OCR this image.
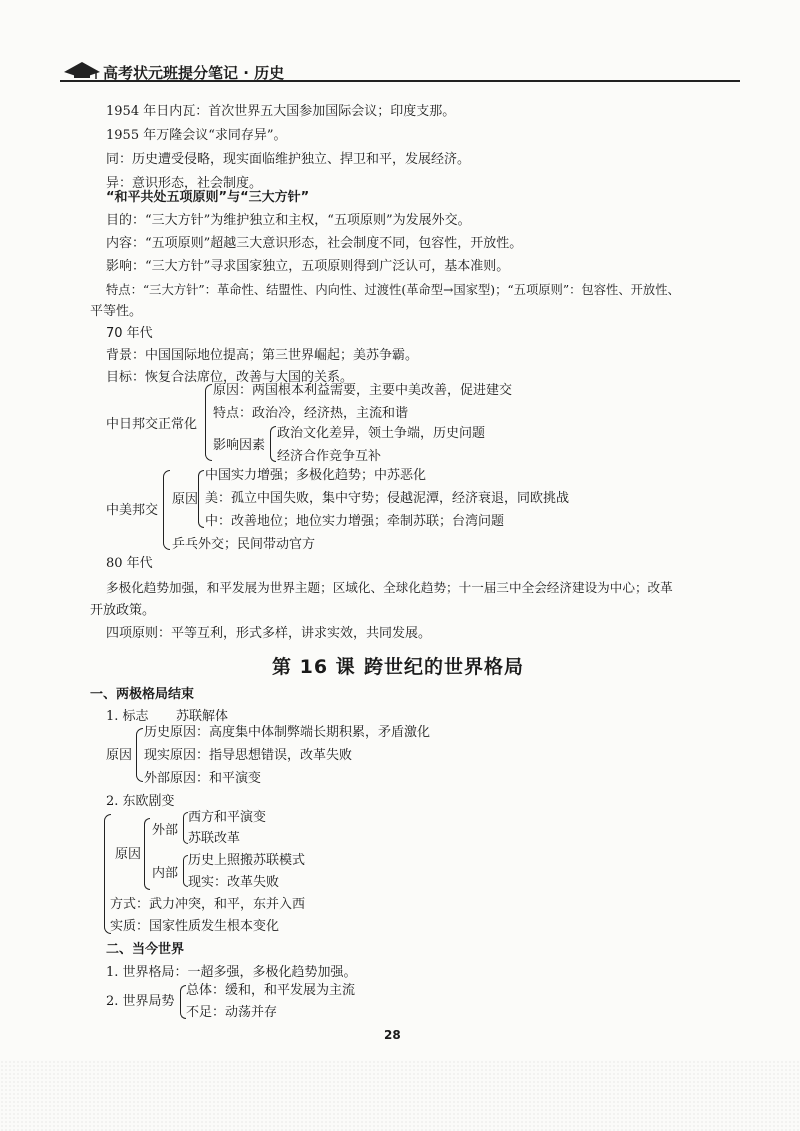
高考状元班提分笔记 · 历史
1954 年日内瓦：首次世界五大国参加国际会议；印度支那。
1955 年万隆会议“求同存异”。
同：历史遭受侵略，现实面临维护独立、捍卫和平，发展经济。
异：意识形态，社会制度。
“和平共处五项原则”与“三大方针”
目的：“三大方针”为维护独立和主权，“五项原则”为发展外交。
内容：“五项原则”超越三大意识形态，社会制度不同，包容性，开放性。
影响：“三大方针”寻求国家独立，五项原则得到广泛认可，基本准则。
特点：“三大方针”：革命性、结盟性、内向性、过渡性(革命型→国家型)；“五项原则”：包容性、开放性、
平等性。
70 年代
背景：中国国际地位提高；第三世界崛起；美苏争霸。
目标：恢复合法席位，改善与大国的关系。
中日邦交正常化
原因：两国根本利益需要，主要中美改善，促进建交
特点：政治冷，经济热，主流和谐
影响因素
政治文化差异，领土争端，历史问题
经济合作竞争互补
中美邦交
原因
中国实力增强；多极化趋势；中苏恶化
美：孤立中国失败，集中守势；侵越泥潭，经济衰退，同欧挑战
中：改善地位；地位实力增强；牵制苏联；台湾问题
乒乓外交；民间带动官方
80 年代
多极化趋势加强，和平发展为世界主题；区域化、全球化趋势；十一届三中全会经济建设为中心；改革
开放政策。
四项原则：平等互利，形式多样，讲求实效，共同发展。
第 16 课 跨世纪的世界格局
一、两极格局结束
1. 标志 苏联解体
原因
历史原因：高度集中体制弊端长期积累，矛盾激化
现实原因：指导思想错误，改革失败
外部原因：和平演变
2. 东欧剧变
原因
外部
西方和平演变
苏联改革
内部
历史上照搬苏联模式
现实：改革失败
方式：武力冲突，和平，东并入西
实质：国家性质发生根本变化
二、当今世界
1. 世界格局：一超多强，多极化趋势加强。
2. 世界局势
总体：缓和，和平发展为主流
不足：动荡并存
28
